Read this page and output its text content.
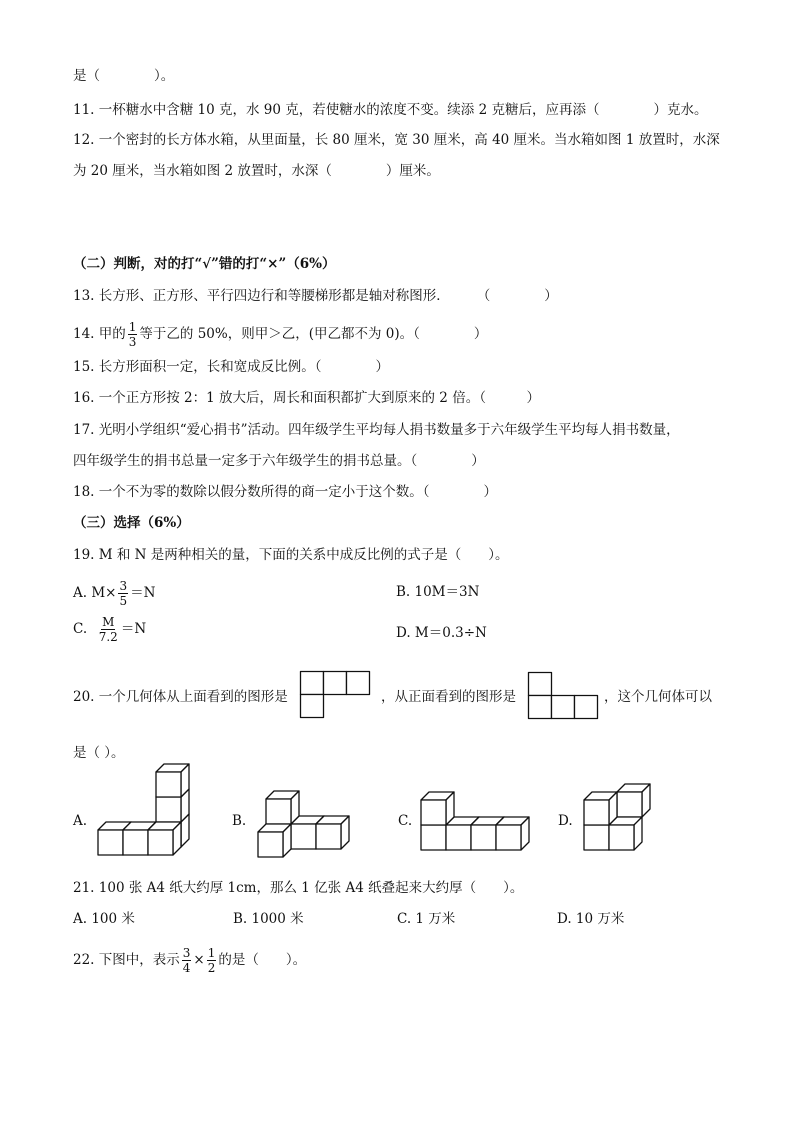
是（　　　　）。
11. 一杯糖水中含糖 10 克，水 90 克，若使糖水的浓度不变。续添 2 克糖后，应再添（　　　　）克水。
12. 一个密封的长方体水箱，从里面量，长 80 厘米，宽 30 厘米，高 40 厘米。当水箱如图 1 放置时，水深
为 20 厘米，当水箱如图 2 放置时，水深（　　　　）厘米。
（二）判断，对的打“√”错的打“×”（6%）
13. 长方形、正方形、平行四边行和等腰梯形都是轴对称图形．　　　（　　　　）
14. 甲的 $\frac{1}{3}$ 等于乙的 50%，则甲＞乙，(甲乙都不为 0)。（　　　　）
15. 长方形面积一定，长和宽成反比例。（　　　　）
16. 一个正方形按 2：1 放大后，周长和面积都扩大到原来的 2 倍。（　　　）
17. 光明小学组织“爱心捐书”活动。四年级学生平均每人捐书数量多于六年级学生平均每人捐书数量，
四年级学生的捐书总量一定多于六年级学生的捐书总量。（　　　　）
18. 一个不为零的数除以假分数所得的商一定小于这个数。（　　　　）
（三）选择（6%）
19. M 和 N 是两种相关的量，下面的关系中成反比例的式子是（　　）。
A. $M\times \frac{3}{5} =N$	B. 10M＝3N
C. $\frac{M}{7.2} =N$	D. M＝0.3÷N
20. 一个几何体从上面看到的图形是	，从正面看到的图形是	，这个几何体可以
是（ ）。
A.	B.	C.	D.
21. 100 张 A4 纸大约厚 1cm，那么 1 亿张 A4 纸叠起来大约厚（　　）。
A. 100 米	B. 1000 米	C. 1 万米	D. 10 万米
22. 下图中，表示 $\frac{3}{4} \times \frac{1}{2}$ 的是（　　）。
